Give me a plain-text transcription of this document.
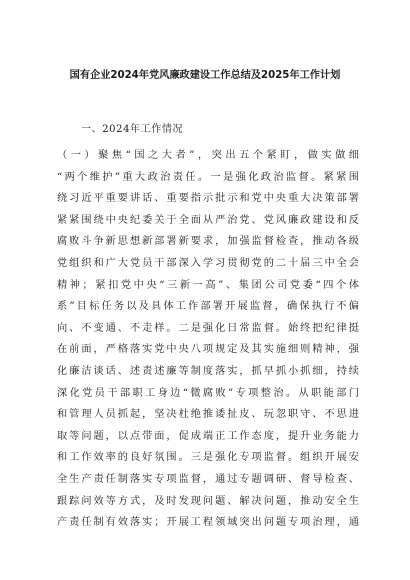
国有企业2024年党风廉政建设工作总结及2025年工作计划
一、2024年工作情况
（一）聚焦“国之大者”，突出五个紧盯，做实做细
“两个维护”重大政治责任。一是强化政治监督。紧紧围
绕习近平重要讲话、重要指示批示和党中央重大决策部署
紧紧围绕中央纪委关于全面从严治党、党风廉政建设和反
腐败斗争新思想新部署新要求，加强监督检查，推动各级
党组织和广大党员干部深入学习贯彻党的二十届三中全会
精神；紧扣党中央“三新一高”、集团公司党委“四个体
系”目标任务以及具体工作部署开展监督，确保执行不偏
向、不变通、不走样。二是强化日常监督。始终把纪律挺
在前面，严格落实党中央八项规定及其实施细则精神，强
化廉洁谈话、述责述廉等制度落实，抓早抓小抓细，持续
深化党员干部职工身边“微腐败”专项整治。从职能部门
和管理人员抓起，坚决杜绝推诿扯皮、玩忽职守、不思进
取等问题，以点带面，促成端正工作态度，提升业务能力
和工作效率的良好氛围。三是强化专项监督。组织开展安
全生产责任制落实专项监督，通过专题调研、督导检查、
跟踪问效等方式，及时发现问题、解决问题，推动安全生
产责任制有效落实；开展工程领域突出问题专项治理，通
